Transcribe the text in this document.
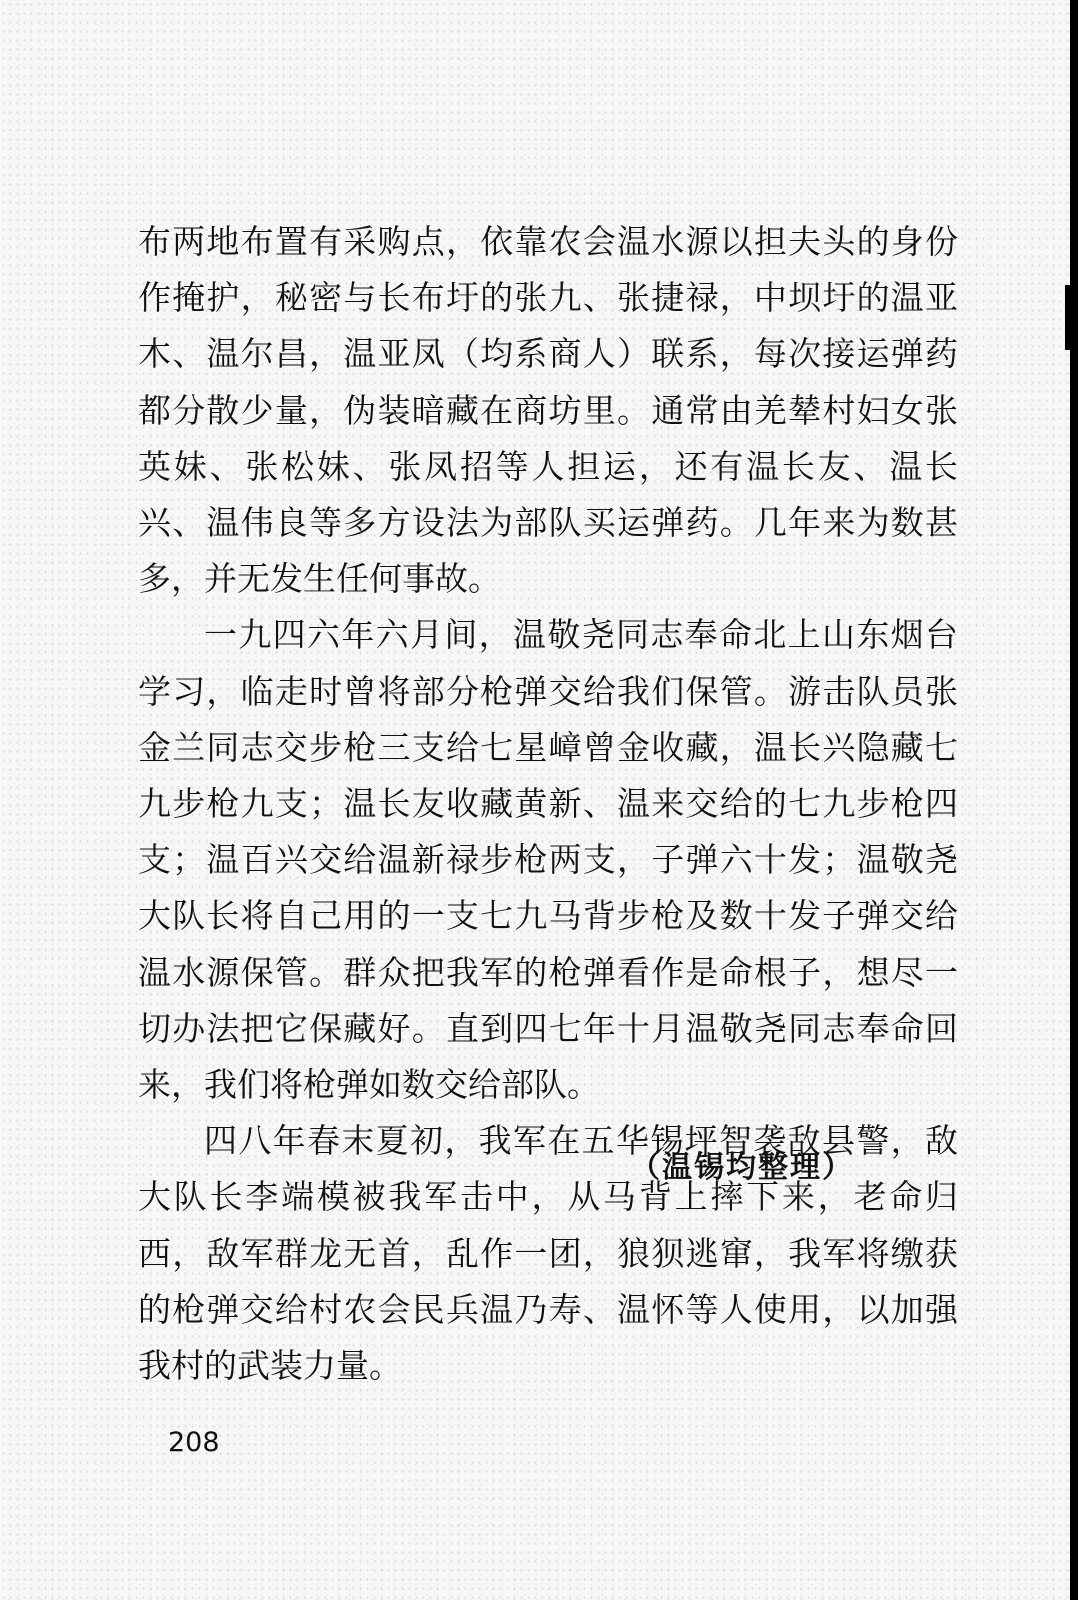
布两地布置有采购点，依靠农会温水源以担夫头的身份作掩护，秘密与长布圩的张九、张捷禄，中坝圩的温亚木、温尔昌，温亚凤（均系商人）联系，每次接运弹药都分散少量，伪装暗藏在商坊里。通常由羌辇村妇女张英妹、张松妹、张凤招等人担运，还有温长友、温长兴、温伟良等多方设法为部队买运弹药。几年来为数甚多，并无发生任何事故。

一九四六年六月间，温敬尧同志奉命北上山东烟台学习，临走时曾将部分枪弹交给我们保管。游击队员张金兰同志交步枪三支给七星嶂曾金收藏，温长兴隐藏七九步枪九支；温长友收藏黄新、温来交给的七九步枪四支；温百兴交给温新禄步枪两支，子弹六十发；温敬尧大队长将自己用的一支七九马背步枪及数十发子弹交给温水源保管。群众把我军的枪弹看作是命根子，想尽一切办法把它保藏好。直到四七年十月温敬尧同志奉命回来，我们将枪弹如数交给部队。

四八年春末夏初，我军在五华锡坪智袭敌县警，敌大队长李端模被我军击中，从马背上摔下来，老命归西，敌军群龙无首，乱作一团，狼狈逃窜，我军将缴获的枪弹交给村农会民兵温乃寿、温怀等人使用，以加强我村的武装力量。

（温锡均整理）
208
